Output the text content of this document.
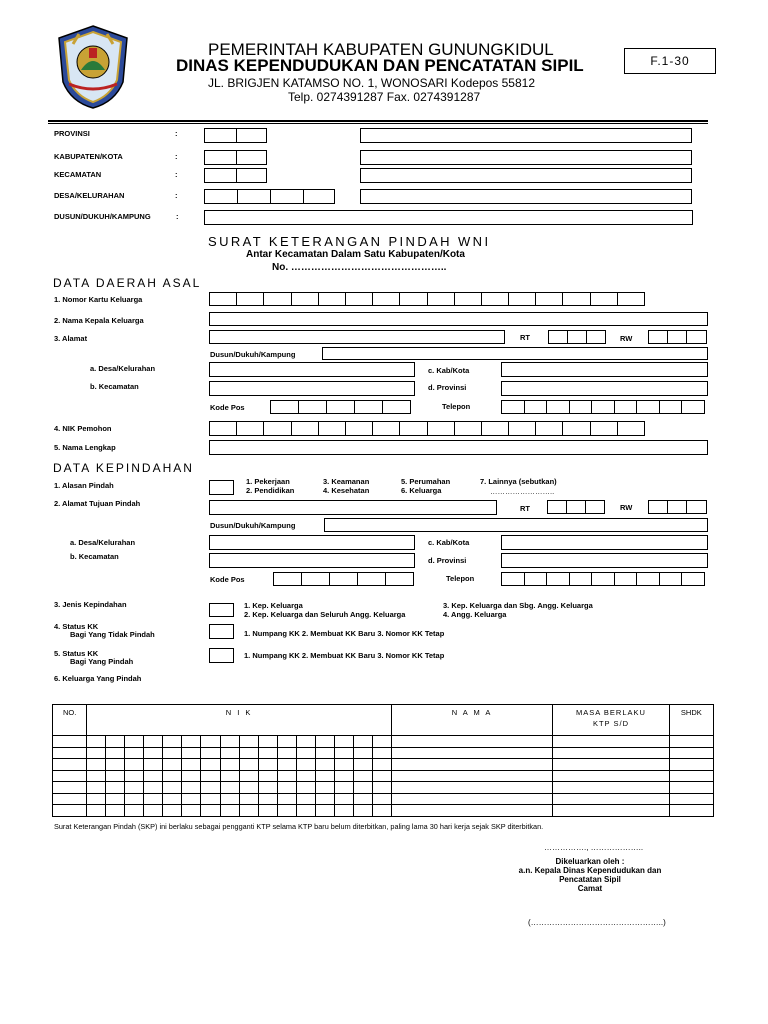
PEMERINTAH KABUPATEN GUNUNGKIDUL
DINAS KEPENDUDUKAN DAN PENCATATAN SIPIL
JL. BRIGJEN KATAMSO NO. 1, WONOSARI Kodepos 55812
Telp. 0274391287 Fax. 0274391287
F.1-30
PROVINSI	:
KABUPATEN/KOTA	:
KECAMATAN	:
DESA/KELURAHAN	:
DUSUN/DUKUH/KAMPUNG	:
SURAT KETERANGAN PINDAH WNI
Antar Kecamatan Dalam Satu Kabupaten/Kota
No. ………………………………………..
DATA DAERAH ASAL
1. Nomor Kartu Keluarga
2. Nama Kepala Keluarga
3. Alamat	RT	RW
Dusun/Dukuh/Kampung
a. Desa/Kelurahan	c. Kab/Kota
b. Kecamatan	d. Provinsi
Kode Pos	Telepon
4. NIK Pemohon
5. Nama Lengkap
DATA KEPINDAHAN
1. Alasan Pindah	1. Pekerjaan
2. Pendidikan
3. Keamanan
4. Kesehatan
5. Perumahan
6. Keluarga
7. Lainnya (sebutkan)
……………………..
2. Alamat Tujuan Pindah
RT	RW
Dusun/Dukuh/Kampung
a. Desa/Kelurahan	c. Kab/Kota
b. Kecamatan	d. Provinsi
Kode Pos	Telepon
3. Jenis Kepindahan	1. Kep. Keluarga
2. Kep. Keluarga dan Seluruh Angg. Keluarga
3. Kep. Keluarga dan Sbg. Angg. Keluarga
4. Angg. Keluarga
4. Status KK
Bagi Yang Tidak Pindah	1. Numpang KK 2. Membuat KK Baru 3. Nomor KK Tetap
5. Status KK
Bagi Yang Pindah
1. Numpang KK 2. Membuat KK Baru 3. Nomor KK Tetap
6. Keluarga Yang Pindah
NO.	N I K																N A M A	MASA BERLAKU
KTP S/D	SHDK

Surat Keterangan Pindah (SKP) ini berlaku sebagai pengganti KTP selama KTP baru belum diterbitkan, paling lama 30 hari kerja sejak SKP diterbitkan.
……………., ………………..
Dikeluarkan oleh :
a.n. Kepala Dinas Kependudukan dan
Pencatatan Sipil
Camat
(…………………………………………..)
